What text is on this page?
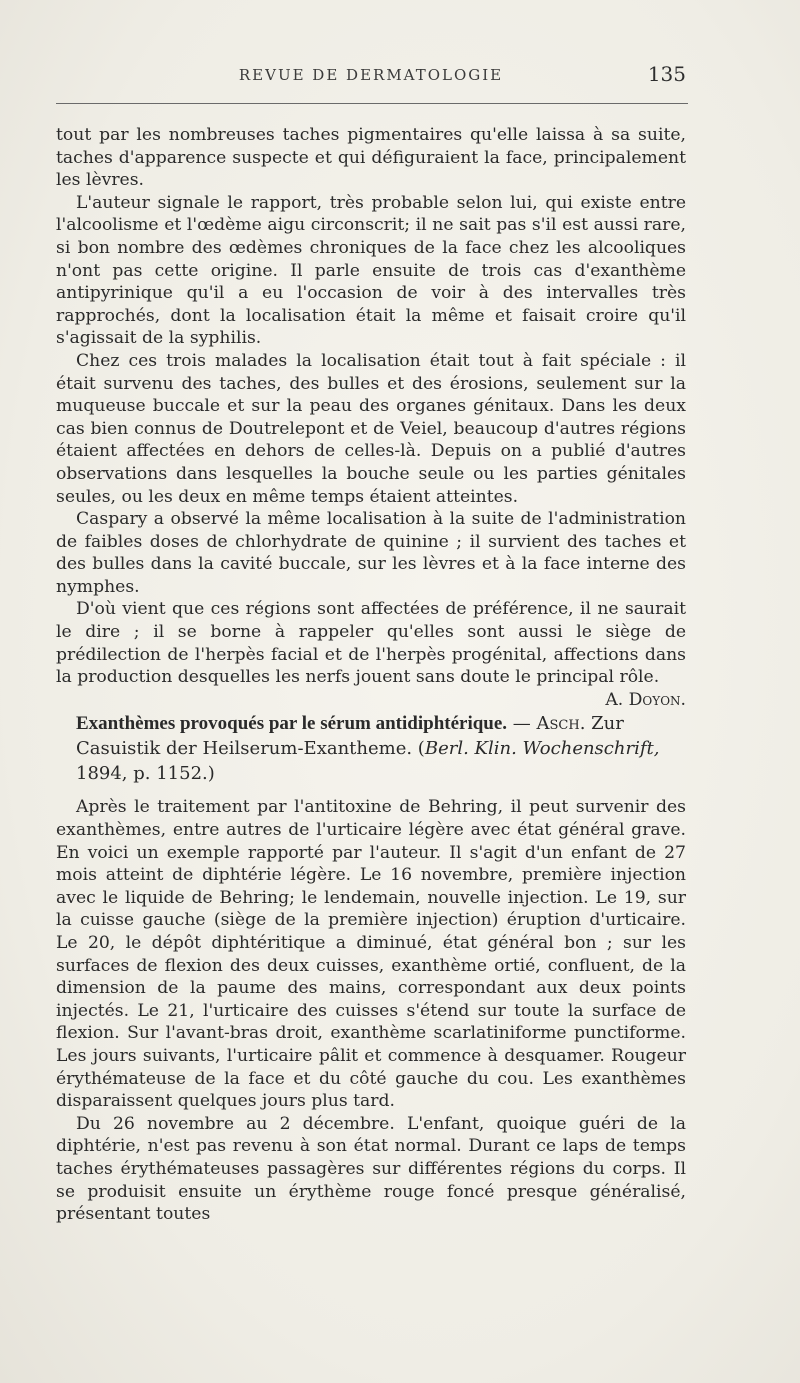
REVUE DE DERMATOLOGIE	135

tout par les nombreuses taches pigmentaires qu'elle laissa à sa suite, taches d'apparence suspecte et qui défiguraient la face, principalement les lèvres.

L'auteur signale le rapport, très probable selon lui, qui existe entre l'alcoolisme et l'œdème aigu circonscrit; il ne sait pas s'il est aussi rare, si bon nombre des œdèmes chroniques de la face chez les alcooliques n'ont pas cette origine. Il parle ensuite de trois cas d'exanthème antipyrinique qu'il a eu l'occasion de voir à des intervalles très rapprochés, dont la localisation était la même et faisait croire qu'il s'agissait de la syphilis.

Chez ces trois malades la localisation était tout à fait spéciale : il était survenu des taches, des bulles et des érosions, seulement sur la muqueuse buccale et sur la peau des organes génitaux. Dans les deux cas bien connus de Doutrelepont et de Veiel, beaucoup d'autres régions étaient affectées en dehors de celles-là. Depuis on a publié d'autres observations dans lesquelles la bouche seule ou les parties génitales seules, ou les deux en même temps étaient atteintes.

Caspary a observé la même localisation à la suite de l'administration de faibles doses de chlorhydrate de quinine ; il survient des taches et des bulles dans la cavité buccale, sur les lèvres et à la face interne des nymphes.

D'où vient que ces régions sont affectées de préférence, il ne saurait le dire ; il se borne à rappeler qu'elles sont aussi le siège de prédilection de l'herpès facial et de l'herpès progénital, affections dans la production desquelles les nerfs jouent sans doute le principal rôle.

A. Doyon.

Exanthèmes provoqués par le sérum antidiphtérique. — Asch. Zur Casuistik der Heilserum-Exantheme. (Berl. Klin. Wochenschrift, 1894, p. 1152.)

Après le traitement par l'antitoxine de Behring, il peut survenir des exanthèmes, entre autres de l'urticaire légère avec état général grave. En voici un exemple rapporté par l'auteur. Il s'agit d'un enfant de 27 mois atteint de diphtérie légère. Le 16 novembre, première injection avec le liquide de Behring; le lendemain, nouvelle injection. Le 19, sur la cuisse gauche (siège de la première injection) éruption d'urticaire. Le 20, le dépôt diphtéritique a diminué, état général bon ; sur les surfaces de flexion des deux cuisses, exanthème ortié, confluent, de la dimension de la paume des mains, correspondant aux deux points injectés. Le 21, l'urticaire des cuisses s'étend sur toute la surface de flexion. Sur l'avant-bras droit, exanthème scarlatiniforme punctiforme. Les jours suivants, l'urticaire pâlit et commence à desquamer. Rougeur érythémateuse de la face et du côté gauche du cou. Les exanthèmes disparaissent quelques jours plus tard.

Du 26 novembre au 2 décembre. L'enfant, quoique guéri de la diphtérie, n'est pas revenu à son état normal. Durant ce laps de temps taches érythémateuses passagères sur différentes régions du corps. Il se produisit ensuite un érythème rouge foncé presque généralisé, présentant toutes
